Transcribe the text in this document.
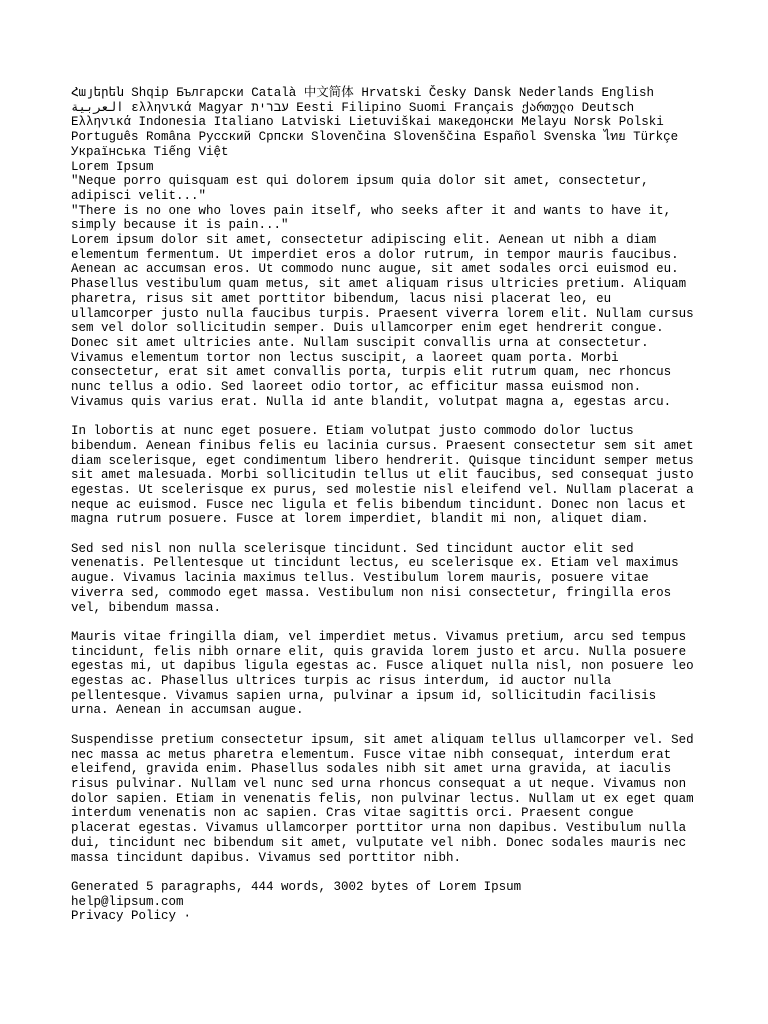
Հայերեն Shqip Български Català 中文简体 Hrvatski Česky Dansk Nederlands English العربية ελληνικά Magyar עברית Eesti Filipino Suomi Français ქართული Deutsch Ελληνικά Indonesia Italiano Latviski Lietuviškai македонски Melayu Norsk Polski Português Româna Pyccкий Српски Slovenčina Slovenščina Español Svenska ไทย Türkçe Українська Tiếng Việt
Lorem Ipsum
"Neque porro quisquam est qui dolorem ipsum quia dolor sit amet, consectetur, adipisci velit..."
"There is no one who loves pain itself, who seeks after it and wants to have it, simply because it is pain..."

Lorem ipsum dolor sit amet, consectetur adipiscing elit. Aenean ut nibh a diam elementum fermentum. Ut imperdiet eros a dolor rutrum, in tempor mauris faucibus. Aenean ac accumsan eros. Ut commodo nunc augue, sit amet sodales orci euismod eu. Phasellus vestibulum quam metus, sit amet aliquam risus ultricies pretium. Aliquam pharetra, risus sit amet porttitor bibendum, lacus nisi placerat leo, eu ullamcorper justo nulla faucibus turpis. Praesent viverra lorem elit. Nullam cursus sem vel dolor sollicitudin semper. Duis ullamcorper enim eget hendrerit congue. Donec sit amet ultricies ante. Nullam suscipit convallis urna at consectetur. Vivamus elementum tortor non lectus suscipit, a laoreet quam porta. Morbi consectetur, erat sit amet convallis porta, turpis elit rutrum quam, nec rhoncus nunc tellus a odio. Sed laoreet odio tortor, ac efficitur massa euismod non. Vivamus quis varius erat. Nulla id ante blandit, volutpat magna a, egestas arcu.

In lobortis at nunc eget posuere. Etiam volutpat justo commodo dolor luctus bibendum. Aenean finibus felis eu lacinia cursus. Praesent consectetur sem sit amet diam scelerisque, eget condimentum libero hendrerit. Quisque tincidunt semper metus sit amet malesuada. Morbi sollicitudin tellus ut elit faucibus, sed consequat justo egestas. Ut scelerisque ex purus, sed molestie nisl eleifend vel. Nullam placerat a neque ac euismod. Fusce nec ligula et felis bibendum tincidunt. Donec non lacus et magna rutrum posuere. Fusce at lorem imperdiet, blandit mi non, aliquet diam.

Sed sed nisl non nulla scelerisque tincidunt. Sed tincidunt auctor elit sed venenatis. Pellentesque ut tincidunt lectus, eu scelerisque ex. Etiam vel maximus augue. Vivamus lacinia maximus tellus. Vestibulum lorem mauris, posuere vitae viverra sed, commodo eget massa. Vestibulum non nisi consectetur, fringilla eros vel, bibendum massa.

Mauris vitae fringilla diam, vel imperdiet metus. Vivamus pretium, arcu sed tempus tincidunt, felis nibh ornare elit, quis gravida lorem justo et arcu. Nulla posuere egestas mi, ut dapibus ligula egestas ac. Fusce aliquet nulla nisl, non posuere leo egestas ac. Phasellus ultrices turpis ac risus interdum, id auctor nulla pellentesque. Vivamus sapien urna, pulvinar a ipsum id, sollicitudin facilisis urna. Aenean in accumsan augue.

Suspendisse pretium consectetur ipsum, sit amet aliquam tellus ullamcorper vel. Sed nec massa ac metus pharetra elementum. Fusce vitae nibh consequat, interdum erat eleifend, gravida enim. Phasellus sodales nibh sit amet urna gravida, at iaculis risus pulvinar. Nullam vel nunc sed urna rhoncus consequat a ut neque. Vivamus non dolor sapien. Etiam in venenatis felis, non pulvinar lectus. Nullam ut ex eget quam interdum venenatis non ac sapien. Cras vitae sagittis orci. Praesent congue placerat egestas. Vivamus ullamcorper porttitor urna non dapibus. Vestibulum nulla dui, tincidunt nec bibendum sit amet, vulputate vel nibh. Donec sodales mauris nec massa tincidunt dapibus. Vivamus sed porttitor nibh.

Generated 5 paragraphs, 444 words, 3002 bytes of Lorem Ipsum
help@lipsum.com
Privacy Policy ·
